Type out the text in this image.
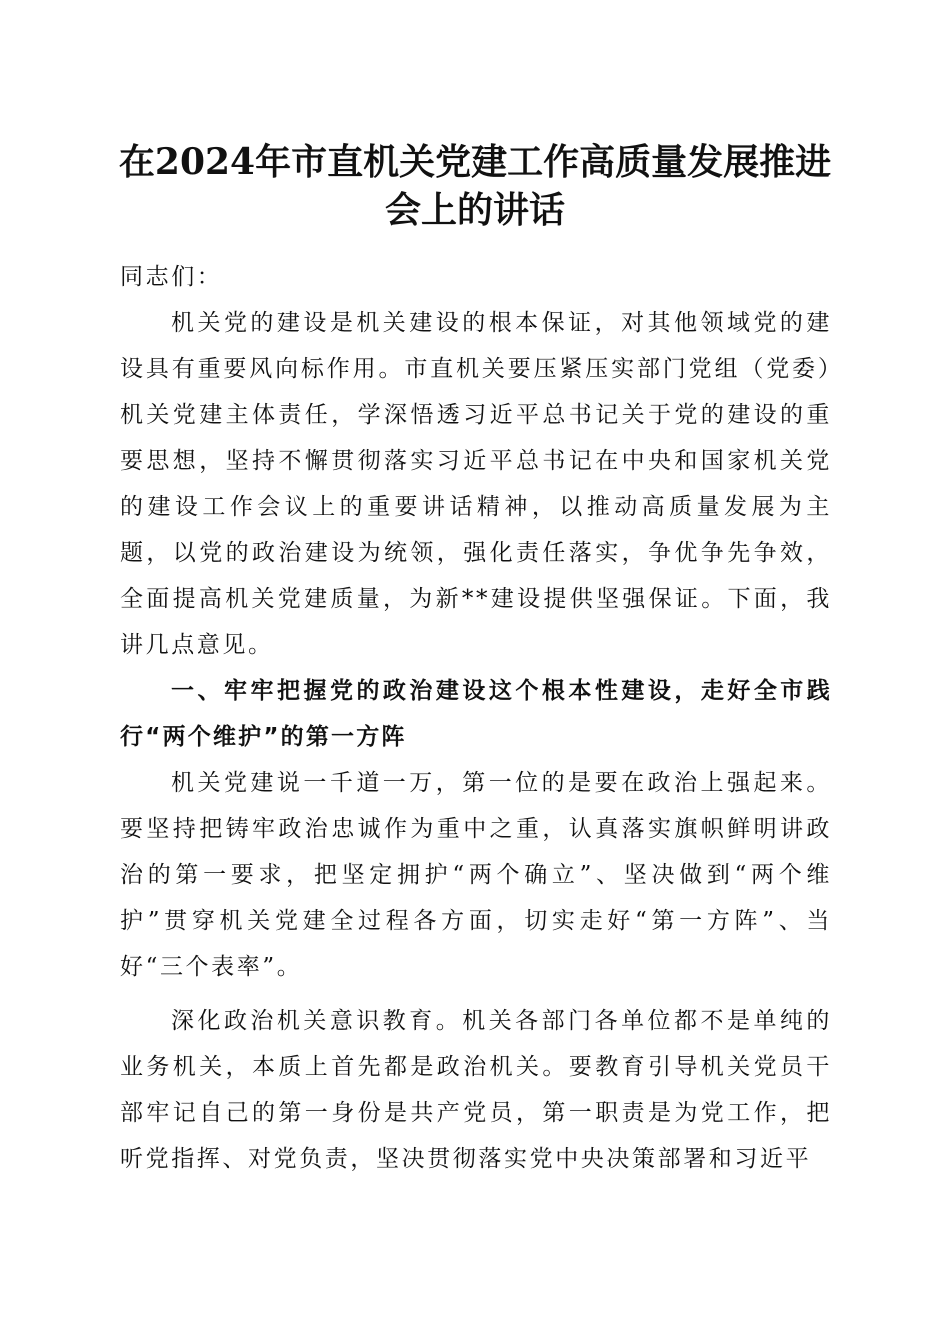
在2024年市直机关党建工作高质量发展推进
会上的讲话

同志们：

机关党的建设是机关建设的根本保证，对其他领域党的建设具有重要风向标作用。市直机关要压紧压实部门党组（党委）机关党建主体责任，学深悟透习近平总书记关于党的建设的重要思想，坚持不懈贯彻落实习近平总书记在中央和国家机关党的建设工作会议上的重要讲话精神，以推动高质量发展为主题，以党的政治建设为统领，强化责任落实，争优争先争效，全面提高机关党建质量，为新**建设提供坚强保证。下面，我讲几点意见。

一、牢牢把握党的政治建设这个根本性建设，走好全市践行“两个维护”的第一方阵

机关党建说一千道一万，第一位的是要在政治上强起来。要坚持把铸牢政治忠诚作为重中之重，认真落实旗帜鲜明讲政治的第一要求，把坚定拥护“两个确立”、坚决做到“两个维护”贯穿机关党建全过程各方面，切实走好“第一方阵”、当好“三个表率”。

深化政治机关意识教育。机关各部门各单位都不是单纯的业务机关，本质上首先都是政治机关。要教育引导机关党员干部牢记自己的第一身份是共产党员，第一职责是为党工作，把听党指挥、对党负责，坚决贯彻落实党中央决策部署和习近平
